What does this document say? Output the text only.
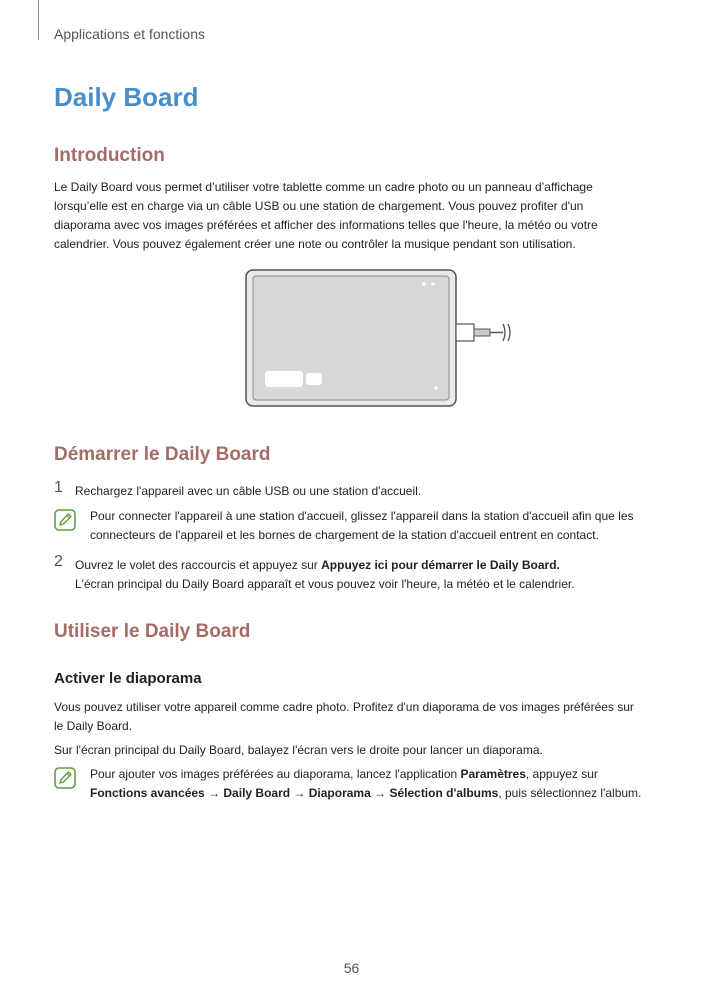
Applications et fonctions
Daily Board
Introduction
Le Daily Board vous permet d’utiliser votre tablette comme un cadre photo ou un panneau d’affichage
lorsqu’elle est en charge via un câble USB ou une station de chargement. Vous pouvez profiter d'un
diaporama avec vos images préférées et afficher des informations telles que l'heure, la météo ou votre
calendrier. Vous pouvez également créer une note ou contrôler la musique pendant son utilisation.
Démarrer le Daily Board
1 Rechargez l'appareil avec un câble USB ou une station d'accueil.
Pour connecter l'appareil à une station d'accueil, glissez l'appareil dans la station d'accueil afin que les
connecteurs de l'appareil et les bornes de chargement de la station d'accueil entrent en contact.
2 Ouvrez le volet des raccourcis et appuyez sur Appuyez ici pour démarrer le Daily Board.
L'écran principal du Daily Board apparaît et vous pouvez voir l'heure, la météo et le calendrier.
Utiliser le Daily Board
Activer le diaporama
Vous pouvez utiliser votre appareil comme cadre photo. Profitez d'un diaporama de vos images préférées sur
le Daily Board.
Sur l'écran principal du Daily Board, balayez l'écran vers le droite pour lancer un diaporama.
Pour ajouter vos images préférées au diaporama, lancez l'application Paramètres, appuyez sur
Fonctions avancées → Daily Board → Diaporama → Sélection d'albums, puis sélectionnez l'album.
56
